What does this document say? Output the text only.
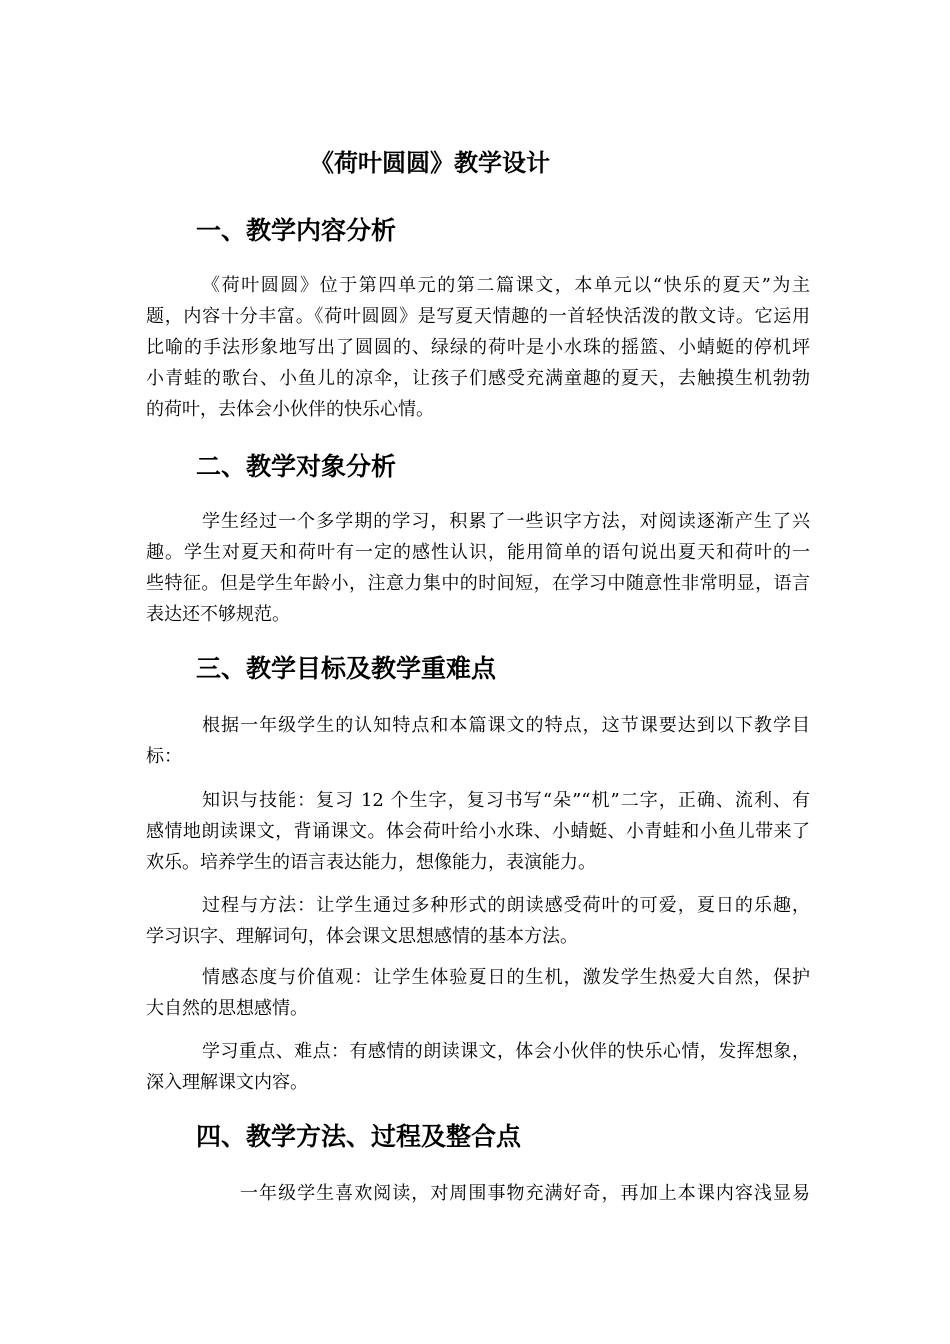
《荷叶圆圆》教学设计
一、教学内容分析
《荷叶圆圆》位于第四单元的第二篇课文，本单元以“快乐的夏天”为主
题，内容十分丰富。《荷叶圆圆》是写夏天情趣的一首轻快活泼的散文诗。它运用
比喻的手法形象地写出了圆圆的、绿绿的荷叶是小水珠的摇篮、小蜻蜓的停机坪
小青蛙的歌台、小鱼儿的凉伞，让孩子们感受充满童趣的夏天，去触摸生机勃勃
的荷叶，去体会小伙伴的快乐心情。
二、教学对象分析
学生经过一个多学期的学习，积累了一些识字方法，对阅读逐渐产生了兴
趣。学生对夏天和荷叶有一定的感性认识，能用简单的语句说出夏天和荷叶的一
些特征。但是学生年龄小，注意力集中的时间短，在学习中随意性非常明显，语言
表达还不够规范。
三、教学目标及教学重难点
根据一年级学生的认知特点和本篇课文的特点，这节课要达到以下教学目
标：
知识与技能：复习 12 个生字，复习书写“朵”“机”二字，正确、流利、有
感情地朗读课文，背诵课文。体会荷叶给小水珠、小蜻蜓、小青蛙和小鱼儿带来了
欢乐。培养学生的语言表达能力，想像能力，表演能力。
过程与方法：让学生通过多种形式的朗读感受荷叶的可爱，夏日的乐趣，
学习识字、理解词句，体会课文思想感情的基本方法。
情感态度与价值观：让学生体验夏日的生机，激发学生热爱大自然，保护
大自然的思想感情。
学习重点、难点：有感情的朗读课文，体会小伙伴的快乐心情，发挥想象，
深入理解课文内容。
四、教学方法、过程及整合点
一年级学生喜欢阅读，对周围事物充满好奇，再加上本课内容浅显易
